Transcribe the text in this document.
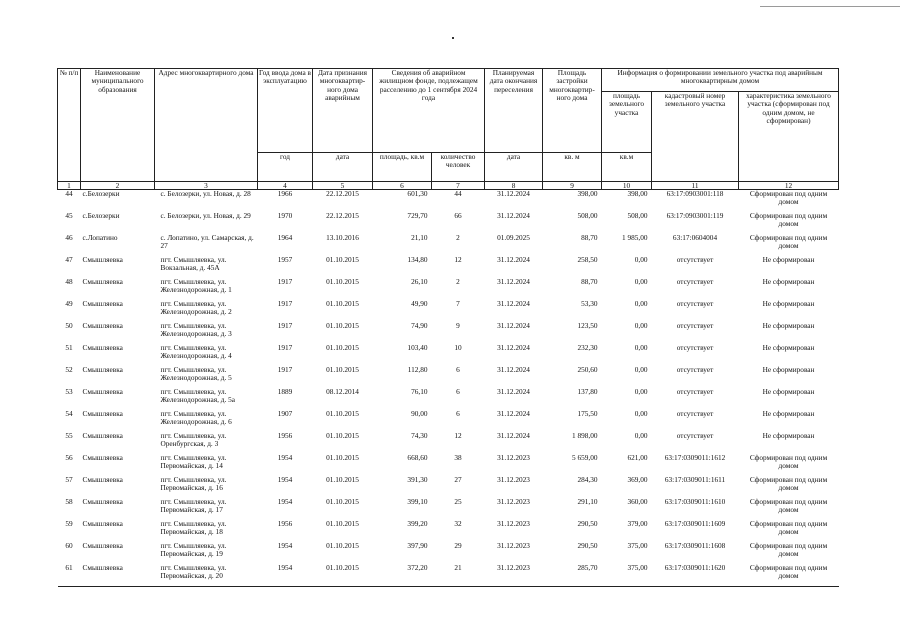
№ п/п	Наименование муниципального образования	Адрес многоквартирного дома	Год ввода дома в эксплуатацию	Дата признания многоквартир-ного дома аварийным	Сведения об аварийном жилищном фонде, подлежащем расселению до 1 сентября 2024 года		Планируемая дата окончания переселения	Площадь застройки многоквартир-ного дома	Информация о формировании земельного участка под аварийным многоквартирным домом		
									площадь земельного участка	кадастровый номер земельного участка	характеристика земельного участка (сформирован под одним домом, не сформирован)
			год	дата	площадь, кв.м	количество человек	дата	кв. м	кв.м		
1	2	3	4	5	6	7	8	9	10	11	12
44	с.Белозерки	с. Белозерки, ул. Новая, д. 28	1966	22.12.2015	601,30	44	31.12.2024	398,00	398,00	63:17:0903001:118	Сформирован под одним домом
45	с.Белозерки	с. Белозерки, ул. Новая, д. 29	1970	22.12.2015	729,70	66	31.12.2024	508,00	508,00	63:17:0903001:119	Сформирован под одним домом
46	с.Лопатино	с. Лопатино, ул. Самарская, д. 27	1964	13.10.2016	21,10	2	01.09.2025	88,70	1 985,00	63:17:0604004	Сформирован под одним домом
47	Смышляевка	пгт. Смышляевка, ул. Вокзальная, д. 45А	1957	01.10.2015	134,80	12	31.12.2024	258,50	0,00	отсутствует	Не сформирован
48	Смышляевка	пгт. Смышляевка, ул. Железнодорожная, д. 1	1917	01.10.2015	26,10	2	31.12.2024	88,70	0,00	отсутствует	Не сформирован
49	Смышляевка	пгт. Смышляевка, ул. Железнодорожная, д. 2	1917	01.10.2015	49,90	7	31.12.2024	53,30	0,00	отсутствует	Не сформирован
50	Смышляевка	пгт. Смышляевка, ул. Железнодорожная, д. 3	1917	01.10.2015	74,90	9	31.12.2024	123,50	0,00	отсутствует	Не сформирован
51	Смышляевка	пгт. Смышляевка, ул. Железнодорожная, д. 4	1917	01.10.2015	103,40	10	31.12.2024	232,30	0,00	отсутствует	Не сформирован
52	Смышляевка	пгт. Смышляевка, ул. Железнодорожная, д. 5	1917	01.10.2015	112,80	6	31.12.2024	250,60	0,00	отсутствует	Не сформирован
53	Смышляевка	пгт. Смышляевка, ул. Железнодорожная, д. 5а	1889	08.12.2014	76,10	6	31.12.2024	137,80	0,00	отсутствует	Не сформирован
54	Смышляевка	пгт. Смышляевка, ул. Железнодорожная, д. 6	1907	01.10.2015	90,00	6	31.12.2024	175,50	0,00	отсутствует	Не сформирован
55	Смышляевка	пгт. Смышляевка, ул. Оренбургская, д. 3	1956	01.10.2015	74,30	12	31.12.2024	1 898,00	0,00	отсутствует	Не сформирован
56	Смышляевка	пгт. Смышляевка, ул. Первомайская, д. 14	1954	01.10.2015	668,60	38	31.12.2023	5 659,00	621,00	63:17:0309011:1612	Сформирован под одним домом
57	Смышляевка	пгт. Смышляевка, ул. Первомайская, д. 16	1954	01.10.2015	391,30	27	31.12.2023	284,30	369,00	63:17:0309011:1611	Сформирован под одним домом
58	Смышляевка	пгт. Смышляевка, ул. Первомайская, д. 17	1954	01.10.2015	399,10	25	31.12.2023	291,10	360,00	63:17:0309011:1610	Сформирован под одним домом
59	Смышляевка	пгт. Смышляевка, ул. Первомайская, д. 18	1956	01.10.2015	399,20	32	31.12.2023	290,50	379,00	63:17:0309011:1609	Сформирован под одним домом
60	Смышляевка	пгт. Смышляевка, ул. Первомайская, д. 19	1954	01.10.2015	397,90	29	31.12.2023	290,50	375,00	63:17:0309011:1608	Сформирован под одним домом
61	Смышляевка	пгт. Смышляевка, ул. Первомайская, д. 20	1954	01.10.2015	372,20	21	31.12.2023	285,70	375,00	63:17:0309011:1620	Сформирован под одним домом
